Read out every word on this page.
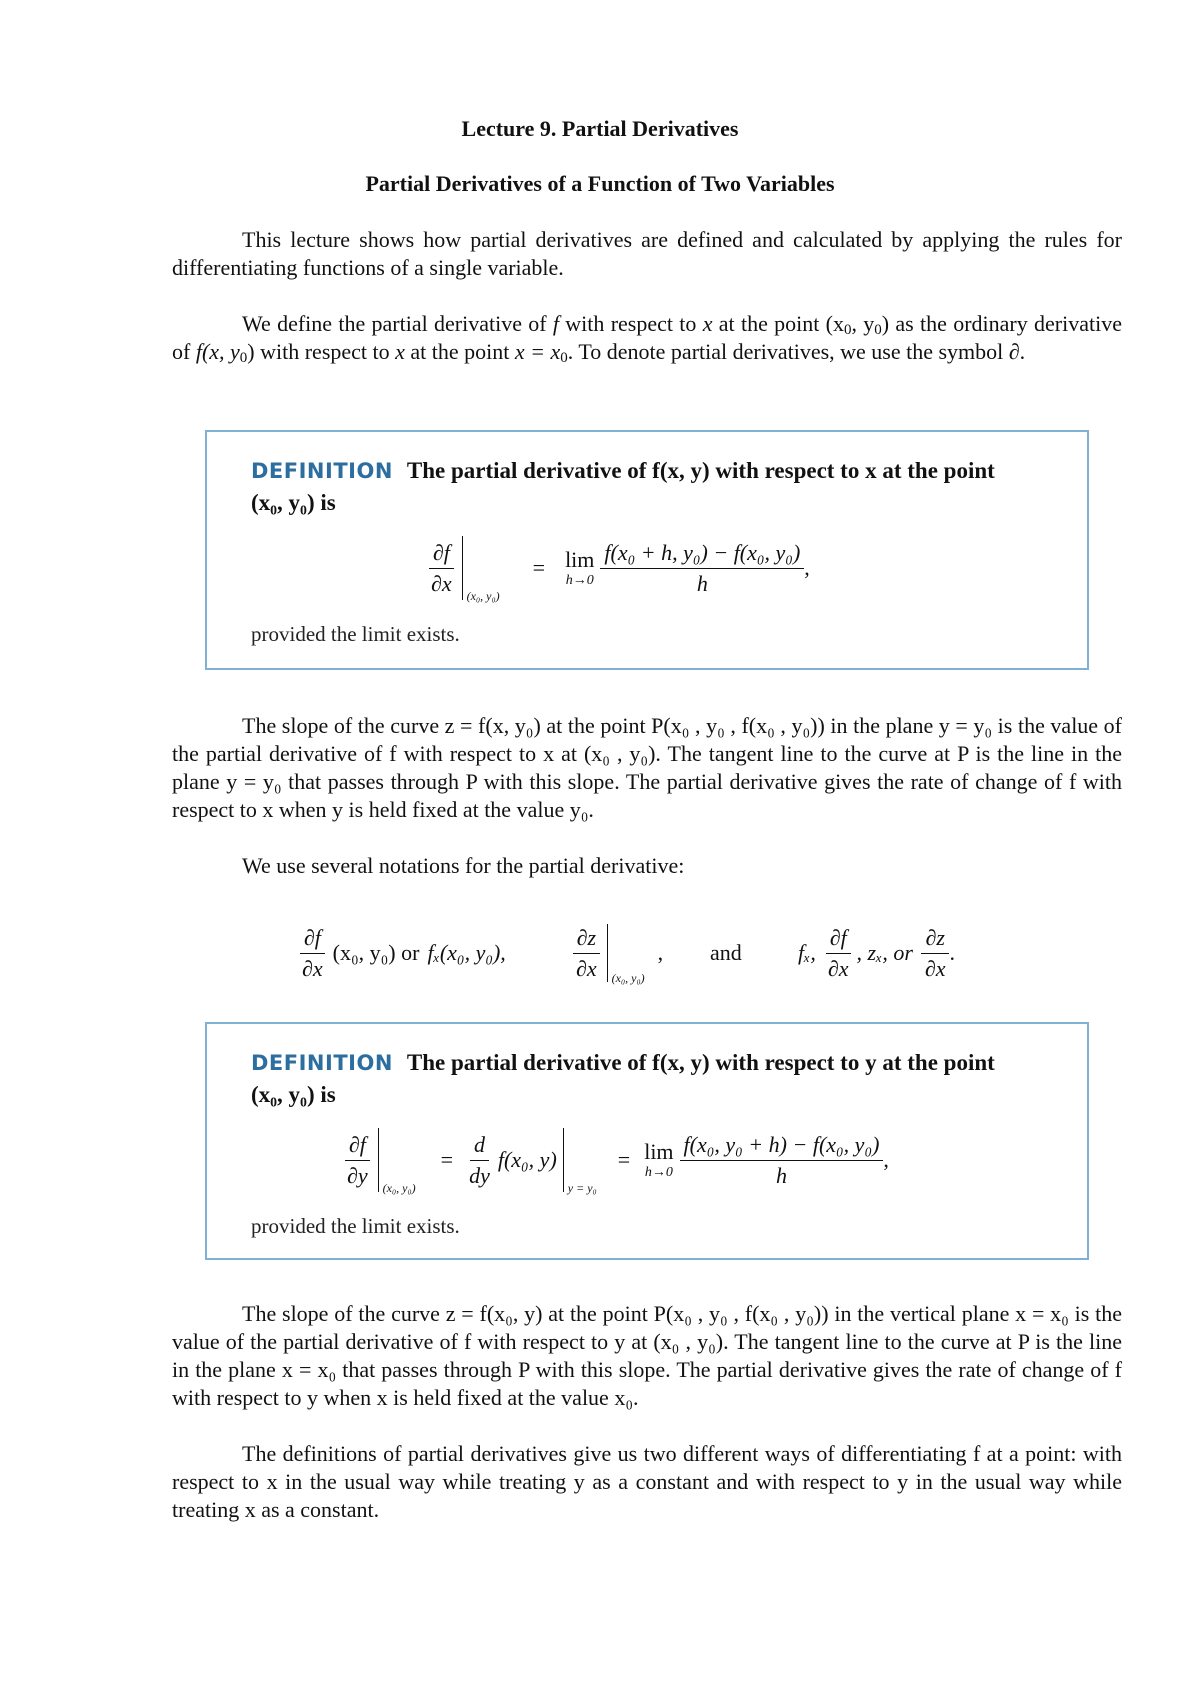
Lecture 9. Partial Derivatives
Partial Derivatives of a Function of Two Variables
This lecture shows how partial derivatives are defined and calculated by applying the rules for differentiating functions of a single variable.
We define the partial derivative of f with respect to x at the point ($x_0$, $y_0$) as the ordinary derivative of f(x, $y_0$) with respect to x at the point $x = x_0$. To denote partial derivatives, we use the symbol ∂.
DEFINITION The partial derivative of f(x, y) with respect to x at the point
(x₀, y₀) is
$\frac{\partial f}{\partial x} (x_0$, y₀)
= lim
$h\to 0 \frac{\text{f(x₀ + h, y₀) − f(x₀, y₀)}}{h}$ ,
provided the limit exists.
The slope of the curve z = f(x, y₀) at the point P(x₀ , y₀ , f(x₀ , y₀)) in the plane y = y₀ is the value of the partial derivative of f with respect to x at (x₀ , y₀). The tangent line to the curve at P is the line in the plane y = y₀ that passes through P with this slope. The partial derivative gives the rate of change of f with respect to x when y is held fixed at the value y₀.
We use several notations for the partial derivative:
$\frac{\partial f}{\partial x} (x_0$, y₀) or fₓ(x₀, y₀),	$\frac{\partial z}{\partial x} (x_0$, y₀)
, and	fₓ, $\frac{\partial f}{\partial x}$ , zₓ, or $\frac{\partial z}{\partial x}$ .
DEFINITION The partial derivative of f(x, y) with respect to y at the point
(x₀, y₀) is
$\frac{\partial f}{\partial y} (x_0$, y₀)
= $\frac{d}{dy} f(x_0$, y)
y = y₀
= lim
$h\to 0 \frac{\text{f(x₀, y₀ + h) − f(x₀, y₀)}}{h}$ ,
provided the limit exists.
The slope of the curve z = f(x₀, y) at the point P(x₀ , y₀ , f(x₀ , y₀)) in the vertical plane x = x₀ is the value of the partial derivative of f with respect to y at (x₀ , y₀). The tangent line to the curve at P is the line in the plane x = x₀ that passes through P with this slope. The partial derivative gives the rate of change of f with respect to y when x is held fixed at the value x₀.
The definitions of partial derivatives give us two different ways of differentiating f at a point: with respect to x in the usual way while treating y as a constant and with respect to y in the usual way while treating x as a constant.
